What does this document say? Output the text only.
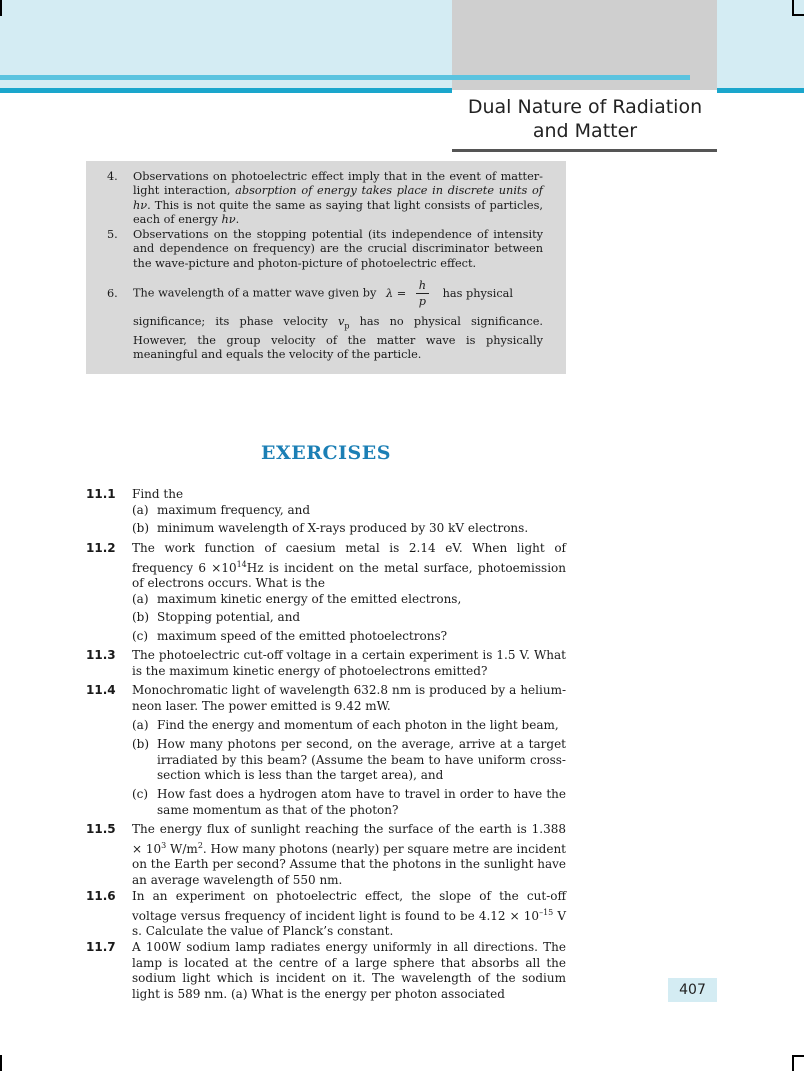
Dual Nature of Radiation
and Matter
4.	Observations on photoelectric effect imply that in the event of matter-light interaction, absorption of energy takes place in discrete units of hν. This is not quite the same as saying that light consists of particles, each of energy hν.
5.	Observations on the stopping potential (its independence of intensity and dependence on frequency) are the crucial discriminator between the wave-picture and photon-picture of photoelectric effect.
6.	The wavelength of a matter wave given by $\lambda = \frac{h}{p}$ has physical
significance; its phase velocity $v_p$ has no physical significance. However, the group velocity of the matter wave is physically meaningful and equals the velocity of the particle.
EXERCISES
11.1 Find the
(a) maximum frequency, and
(b) minimum wavelength of X-rays produced by 30 kV electrons.
11.2 The work function of caesium metal is 2.14 eV. When light of frequency $6 \times 10^{14}Hz$ is incident on the metal surface, photoemission of electrons occurs. What is the
(a) maximum kinetic energy of the emitted electrons,
(b) Stopping potential, and
(c) maximum speed of the emitted photoelectrons?
11.3 The photoelectric cut-off voltage in a certain experiment is 1.5 V. What is the maximum kinetic energy of photoelectrons emitted?
11.4 Monochromatic light of wavelength 632.8 nm is produced by a helium-neon laser. The power emitted is 9.42 mW.
(a) Find the energy and momentum of each photon in the light beam,
(b) How many photons per second, on the average, arrive at a target irradiated by this beam? (Assume the beam to have uniform cross-section which is less than the target area), and
(c) How fast does a hydrogen atom have to travel in order to have the same momentum as that of the photon?
11.5 The energy flux of sunlight reaching the surface of the earth is $1.388 \times 10^3$ $W/m^2$. How many photons (nearly) per square metre are incident on the Earth per second? Assume that the photons in the sunlight have an average wavelength of 550 nm.
11.6 In an experiment on photoelectric effect, the slope of the cut-off voltage versus frequency of incident light is found to be $4.12 \times 10^{-15}$ V s. Calculate the value of Planck’s constant.
11.7 A 100W sodium lamp radiates energy uniformly in all directions. The lamp is located at the centre of a large sphere that absorbs all the sodium light which is incident on it. The wavelength of the sodium light is 589 nm. (a) What is the energy per photon associated	407
